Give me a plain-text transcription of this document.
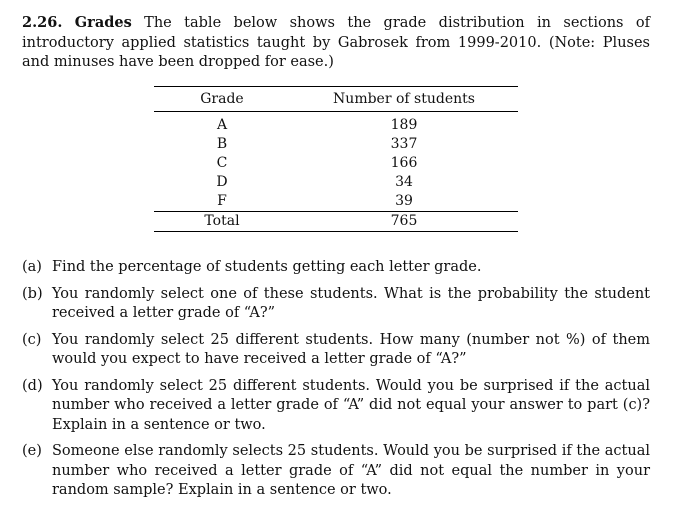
2.26. Grades The table below shows the grade distribution in sections of introductory applied statistics taught by Gabrosek from 1999-2010. (Note: Pluses and minuses have been dropped for ease.)

Grade	Number of students
A	189
B	337
C	166
D	34
F	39
Total	765
(a) Find the percentage of students getting each letter grade.
(b) You randomly select one of these students. What is the probability the student received a letter grade of “A?”
(c) You randomly select 25 different students. How many (number not %) of them would you expect to have received a letter grade of “A?”
(d) You randomly select 25 different students. Would you be surprised if the actual number who received a letter grade of “A” did not equal your answer to part (c)? Explain in a sentence or two.
(e) Someone else randomly selects 25 students. Would you be surprised if the actual number who received a letter grade of “A” did not equal the number in your random sample? Explain in a sentence or two.
